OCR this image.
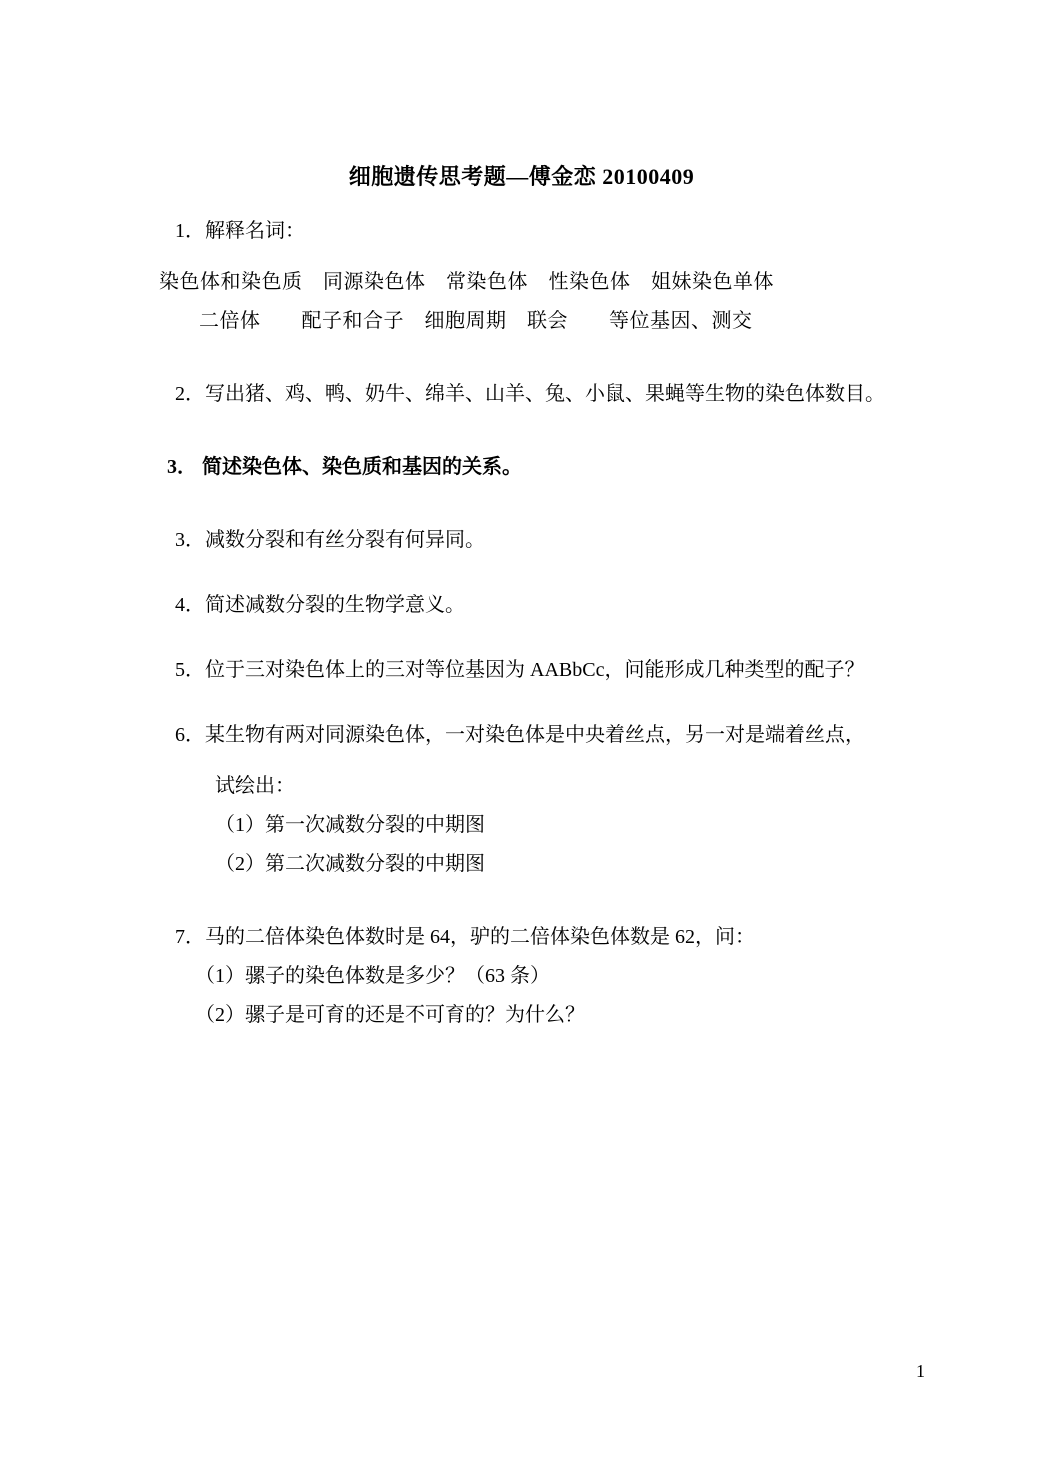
细胞遗传思考题—傅金恋 20100409

1．解释名词：

染色体和染色质　同源染色体　常染色体　性染色体　姐妹染色单体

二倍体　　配子和合子　细胞周期　联会　　等位基因、测交

2．写出猪、鸡、鸭、奶牛、绵羊、山羊、兔、小鼠、果蝇等生物的染色体数目。

3． 简述染色体、染色质和基因的关系。

3．减数分裂和有丝分裂有何异同。

4．简述减数分裂的生物学意义。

5．位于三对染色体上的三对等位基因为 AABbCc，问能形成几种类型的配子？

6．某生物有两对同源染色体，一对染色体是中央着丝点，另一对是端着丝点，

试绘出：

（1）第一次减数分裂的中期图

（2）第二次减数分裂的中期图

7．马的二倍体染色体数时是 64，驴的二倍体染色体数是 62，问：

（1）骡子的染色体数是多少？（63 条）

（2）骡子是可育的还是不可育的？为什么？

1
